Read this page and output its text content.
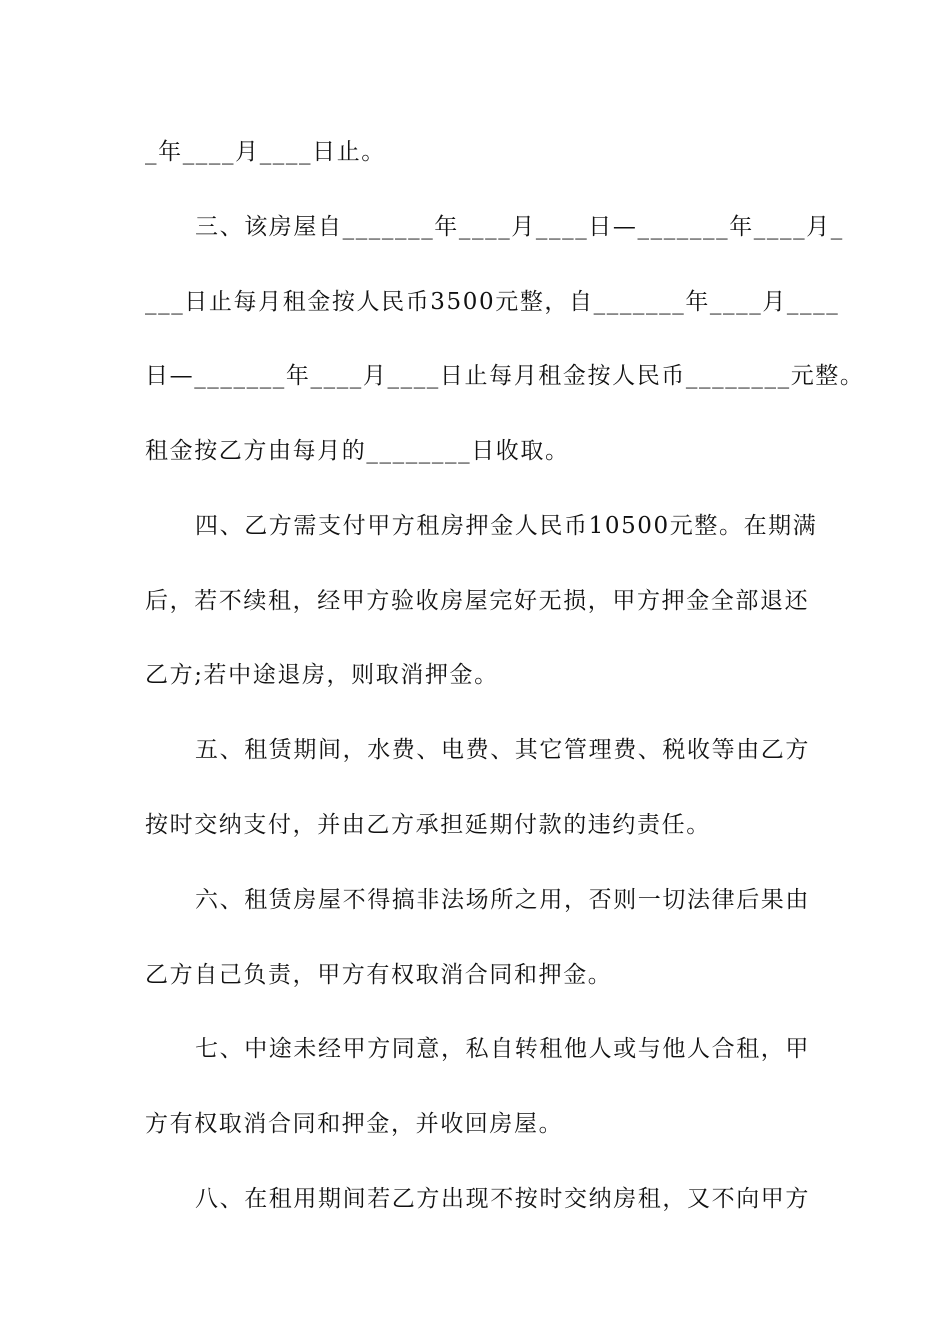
_年____月____日止。
三、该房屋自_______年____月____日—_______年____月_
___日止每月租金按人民币3500元整，自_______年____月____
日—_______年____月____日止每月租金按人民币________元整。
租金按乙方由每月的________日收取。
四、乙方需支付甲方租房押金人民币10500元整。在期满
后，若不续租，经甲方验收房屋完好无损，甲方押金全部退还
乙方;若中途退房，则取消押金。
五、租赁期间，水费、电费、其它管理费、税收等由乙方
按时交纳支付，并由乙方承担延期付款的违约责任。
六、租赁房屋不得搞非法场所之用，否则一切法律后果由
乙方自己负责，甲方有权取消合同和押金。
七、中途未经甲方同意，私自转租他人或与他人合租，甲
方有权取消合同和押金，并收回房屋。
八、在租用期间若乙方出现不按时交纳房租，又不向甲方
